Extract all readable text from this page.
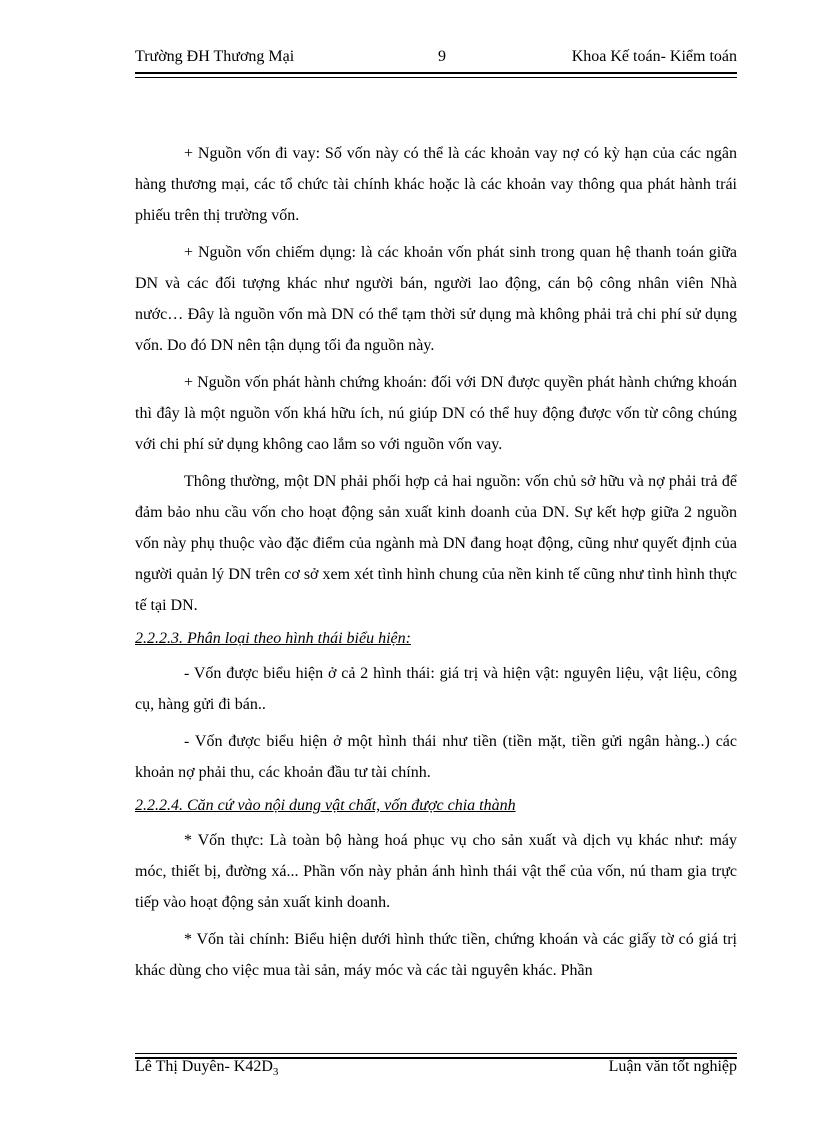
Trường ĐH Thương Mại	9	Khoa Kế toán- Kiểm toán

+ Nguồn vốn đi vay: Số vốn này có thể là các khoản vay nợ có kỳ hạn của các ngân hàng thương mại, các tổ chức tài chính khác hoặc là các khoản vay thông qua phát hành trái phiếu trên thị trường vốn.

+ Nguồn vốn chiếm dụng: là các khoản vốn phát sinh trong quan hệ thanh toán giữa DN và các đối tượng khác như người bán, người lao động, cán bộ công nhân viên Nhà nước… Đây là nguồn vốn mà DN có thể tạm thời sử dụng mà không phải trả chi phí sử dụng vốn. Do đó DN nên tận dụng tối đa nguồn này.

+ Nguồn vốn phát hành chứng khoán: đối với DN được quyền phát hành chứng khoán thì đây là một nguồn vốn khá hữu ích, nú giúp DN có thể huy động được vốn từ công chúng với chi phí sử dụng không cao lắm so với nguồn vốn vay.

Thông thường, một DN phải phối hợp cả hai nguồn: vốn chủ sở hữu và nợ phải trả để đảm bảo nhu cầu vốn cho hoạt động sản xuất kinh doanh của DN. Sự kết hợp giữa 2 nguồn vốn này phụ thuộc vào đặc điểm của ngành mà DN đang hoạt động, cũng như quyết định của người quản lý DN trên cơ sở xem xét tình hình chung của nền kinh tế cũng như tình hình thực tế tại DN.

2.2.2.3. Phân loại theo hình thái biểu hiện:

- Vốn được biểu hiện ở cả 2 hình thái: giá trị và hiện vật: nguyên liệu, vật liệu, công cụ, hàng gửi đi bán..

- Vốn được biểu hiện ở một hình thái như tiền (tiền mặt, tiền gửi ngân hàng..) các khoản nợ phải thu, các khoản đầu tư tài chính.

2.2.2.4. Căn cứ vào nội dung vật chất, vốn được chia thành

* Vốn thực: Là toàn bộ hàng hoá phục vụ cho sản xuất và dịch vụ khác như: máy móc, thiết bị, đường xá... Phần vốn này phản ánh hình thái vật thể của vốn, nú tham gia trực tiếp vào hoạt động sản xuất kinh doanh.

* Vốn tài chính: Biểu hiện dưới hình thức tiền, chứng khoán và các giấy tờ có giá trị khác dùng cho việc mua tài sản, máy móc và các tài nguyên khác. Phần

Lê Thị Duyên- $K42D_3$	Luận văn tốt nghiệp
